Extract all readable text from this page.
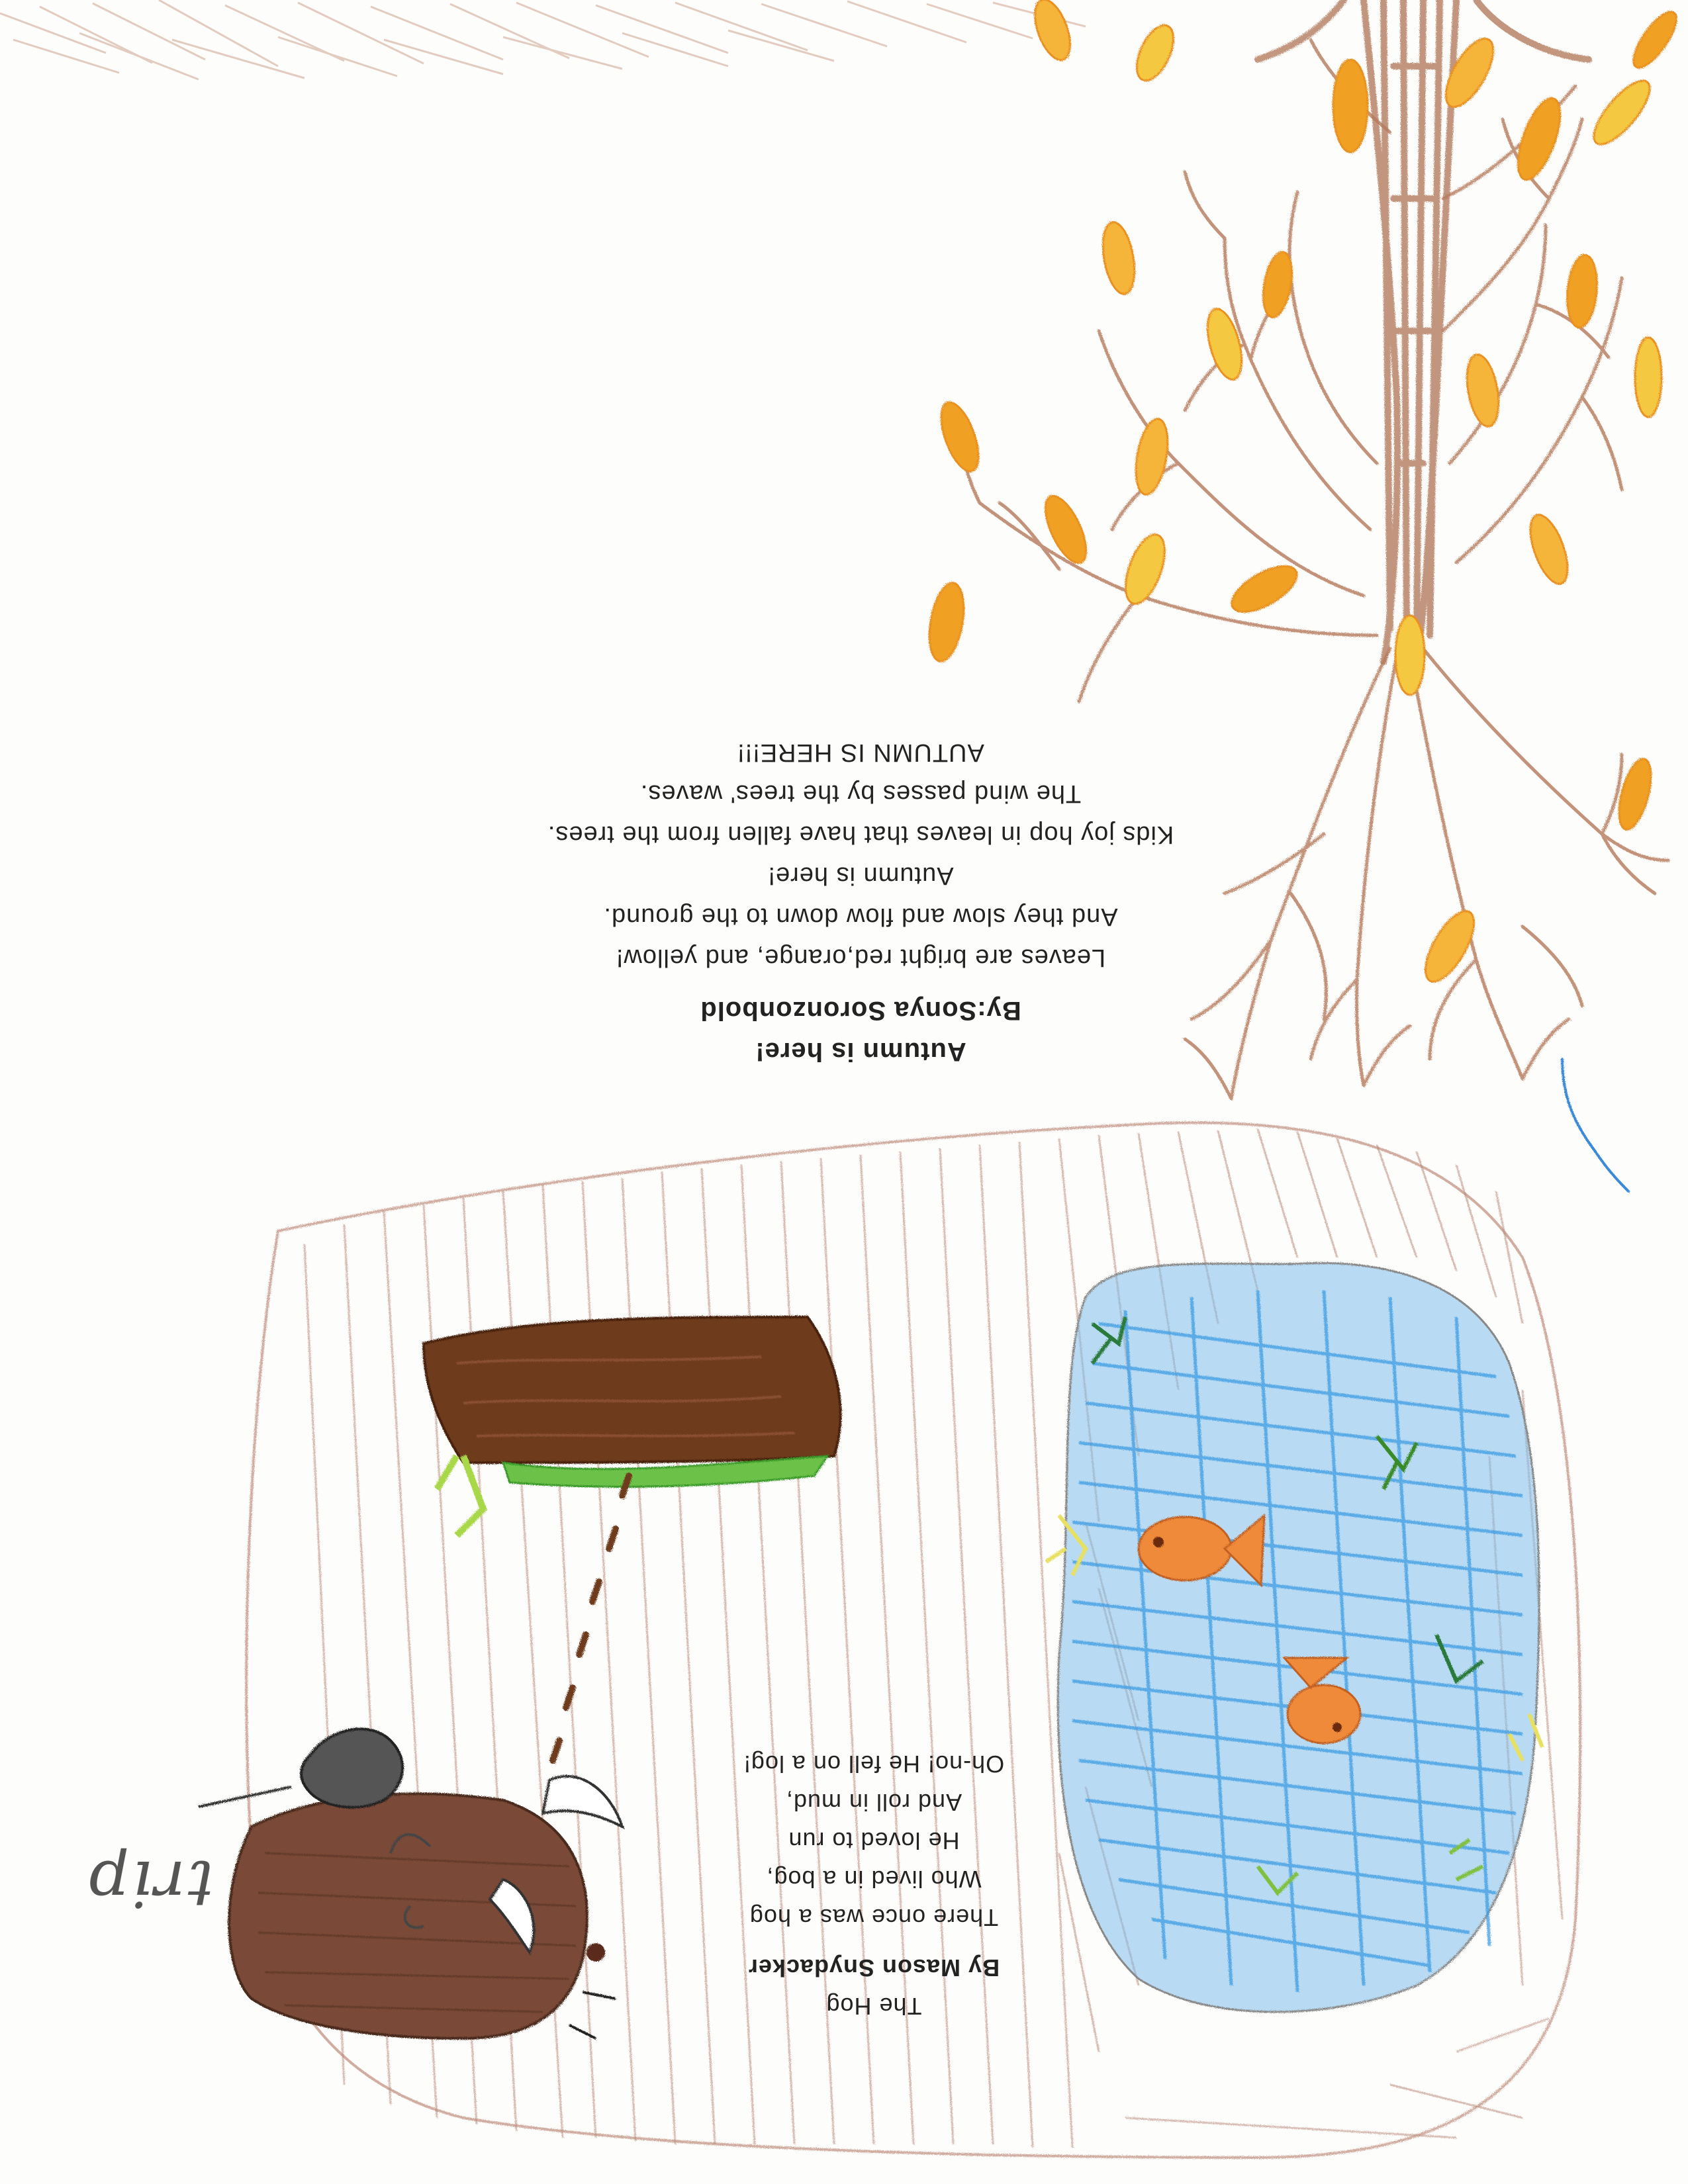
Autumn is here!
By:Sonya Soronzonbold
Leaves are bright red,orange, and yellow!
And they slow and flow down to the ground.
Autumn is here!
Kids joy hop in leaves that have fallen from the trees.
The wind passes by the trees' waves.
AUTUMN IS HERE!!!
The Hog
By Mason Snydacker
There once was a hog
Who lived in a bog,
He loved to run
And roll in mud,
Oh-no! He fell on a log!
trip
